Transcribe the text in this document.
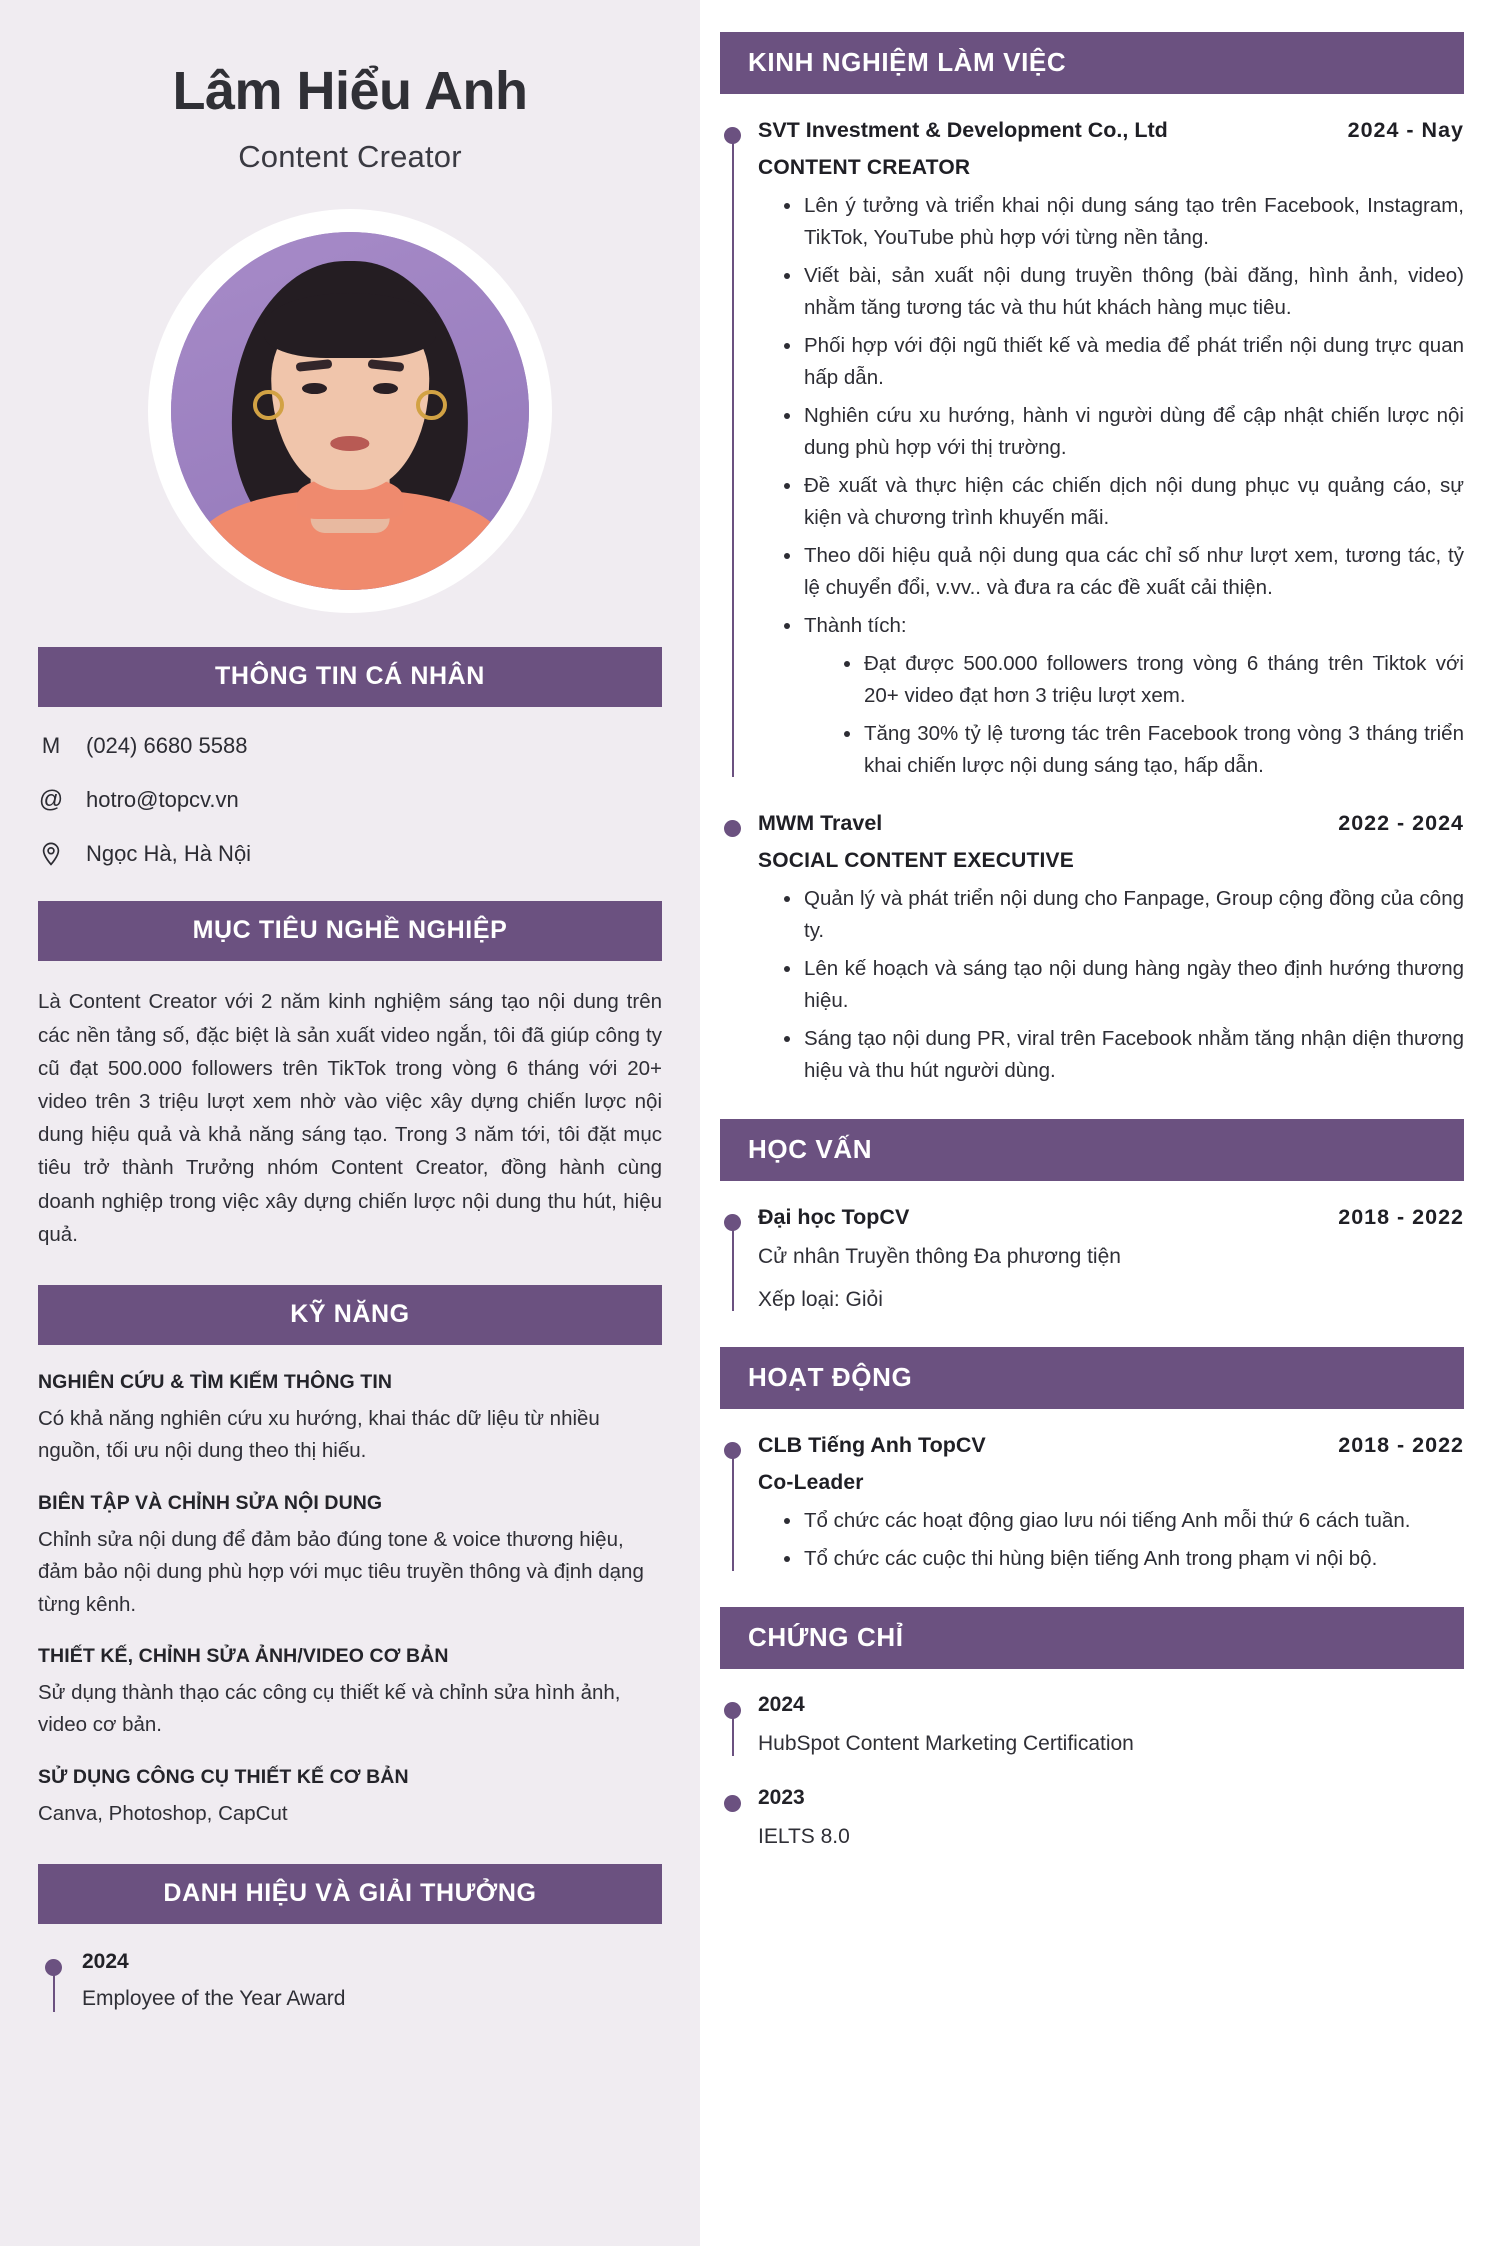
Lâm Hiểu Anh
Content Creator
THÔNG TIN CÁ NHÂN
M (024) 6680 5588
@ hotro@topcv.vn
Ngọc Hà, Hà Nội
MỤC TIÊU NGHỀ NGHIỆP
Là Content Creator với 2 năm kinh nghiệm sáng tạo nội dung trên các nền tảng số, đặc biệt là sản xuất video ngắn, tôi đã giúp công ty cũ đạt 500.000 followers trên TikTok trong vòng 6 tháng với 20+ video trên 3 triệu lượt xem nhờ vào việc xây dựng chiến lược nội dung hiệu quả và khả năng sáng tạo. Trong 3 năm tới, tôi đặt mục tiêu trở thành Trưởng nhóm Content Creator, đồng hành cùng doanh nghiệp trong việc xây dựng chiến lược nội dung thu hút, hiệu quả.
KỸ NĂNG
NGHIÊN CỨU & TÌM KIẾM THÔNG TIN
Có khả năng nghiên cứu xu hướng, khai thác dữ liệu từ nhiều nguồn, tối ưu nội dung theo thị hiếu.
BIÊN TẬP VÀ CHỈNH SỬA NỘI DUNG
Chỉnh sửa nội dung để đảm bảo đúng tone & voice thương hiệu, đảm bảo nội dung phù hợp với mục tiêu truyền thông và định dạng từng kênh.
THIẾT KẾ, CHỈNH SỬA ẢNH/VIDEO CƠ BẢN
Sử dụng thành thạo các công cụ thiết kế và chỉnh sửa hình ảnh, video cơ bản.
SỬ DỤNG CÔNG CỤ THIẾT KẾ CƠ BẢN
Canva, Photoshop, CapCut
DANH HIỆU VÀ GIẢI THƯỞNG
2024
Employee of the Year Award
KINH NGHIỆM LÀM VIỆC
SVT Investment & Development Co., Ltd	2024 - Nay
CONTENT CREATOR
Lên ý tưởng và triển khai nội dung sáng tạo trên Facebook, Instagram, TikTok, YouTube phù hợp với từng nền tảng.
Viết bài, sản xuất nội dung truyền thông (bài đăng, hình ảnh, video) nhằm tăng tương tác và thu hút khách hàng mục tiêu.
Phối hợp với đội ngũ thiết kế và media để phát triển nội dung trực quan hấp dẫn.
Nghiên cứu xu hướng, hành vi người dùng để cập nhật chiến lược nội dung phù hợp với thị trường.
Đề xuất và thực hiện các chiến dịch nội dung phục vụ quảng cáo, sự kiện và chương trình khuyến mãi.
Theo dõi hiệu quả nội dung qua các chỉ số như lượt xem, tương tác, tỷ lệ chuyển đổi, v.vv.. và đưa ra các đề xuất cải thiện.
Thành tích:
Đạt được 500.000 followers trong vòng 6 tháng trên Tiktok với 20+ video đạt hơn 3 triệu lượt xem.
Tăng 30% tỷ lệ tương tác trên Facebook trong vòng 3 tháng triển khai chiến lược nội dung sáng tạo, hấp dẫn.
MWM Travel	2022 - 2024
SOCIAL CONTENT EXECUTIVE
Quản lý và phát triển nội dung cho Fanpage, Group cộng đồng của công ty.
Lên kế hoạch và sáng tạo nội dung hàng ngày theo định hướng thương hiệu.
Sáng tạo nội dung PR, viral trên Facebook nhằm tăng nhận diện thương hiệu và thu hút người dùng.
HỌC VẤN
Đại học TopCV	2018 - 2022
Cử nhân Truyền thông Đa phương tiện
Xếp loại: Giỏi
HOẠT ĐỘNG
CLB Tiếng Anh TopCV	2018 - 2022
Co-Leader
Tổ chức các hoạt động giao lưu nói tiếng Anh mỗi thứ 6 cách tuần.
Tổ chức các cuộc thi hùng biện tiếng Anh trong phạm vi nội bộ.
CHỨNG CHỈ
2024
HubSpot Content Marketing Certification
2023
IELTS 8.0
